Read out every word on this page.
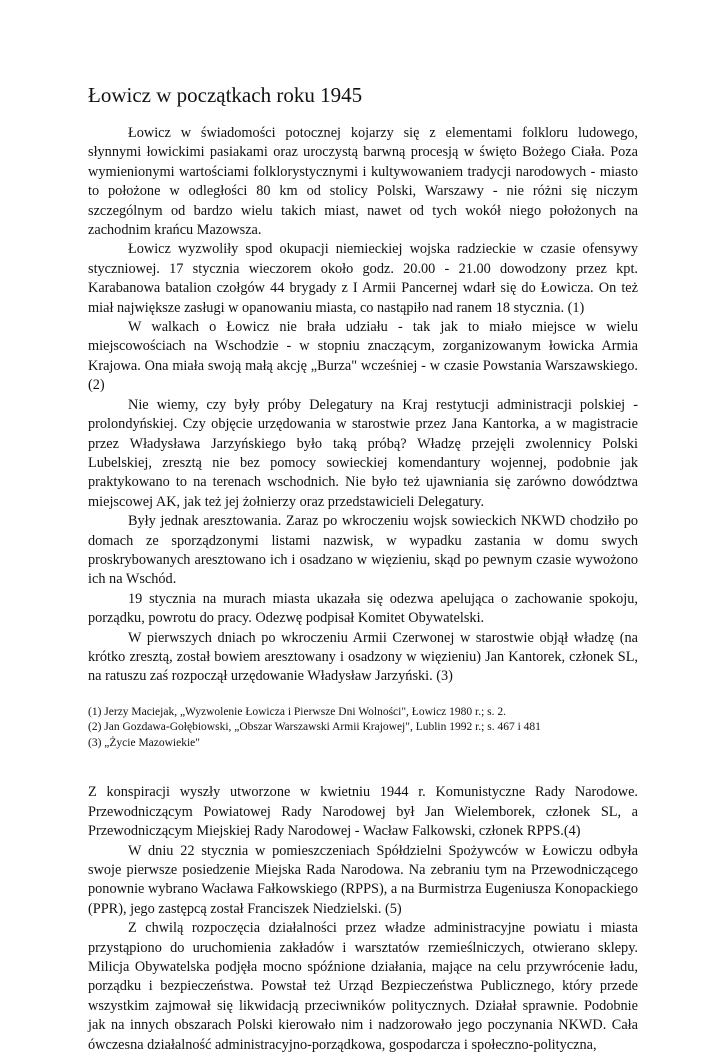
Łowicz w początkach roku 1945

Łowicz w świadomości potocznej kojarzy się z elementami folkloru ludowego, słynnymi łowickimi pasiakami oraz uroczystą barwną procesją w święto Bożego Ciała. Poza wymienionymi wartościami folklorystycznymi i kultywowaniem tradycji narodowych - miasto to położone w odległości 80 km od stolicy Polski, Warszawy - nie różni się niczym szczególnym od bardzo wielu takich miast, nawet od tych wokół niego położonych na zachodnim krańcu Mazowsza.

Łowicz wyzwoliły spod okupacji niemieckiej wojska radzieckie w czasie ofensywy styczniowej. 17 stycznia wieczorem około godz. 20.00 - 21.00 dowodzony przez kpt. Karabanowa batalion czołgów 44 brygady z I Armii Pancernej wdarł się do Łowicza. On też miał największe zasługi w opanowaniu miasta, co nastąpiło nad ranem 18 stycznia. (1)

W walkach o Łowicz nie brała udziału - tak jak to miało miejsce w wielu miejscowościach na Wschodzie - w stopniu znaczącym, zorganizowanym łowicka Armia Krajowa. Ona miała swoją małą akcję „Burza" wcześniej - w czasie Powstania Warszawskiego. (2)

Nie wiemy, czy były próby Delegatury na Kraj restytucji administracji polskiej - prolondyńskiej. Czy objęcie urzędowania w starostwie przez Jana Kantorka, a w magistracie przez Władysława Jarzyńskiego było taką próbą? Władzę przejęli zwolennicy Polski Lubelskiej, zresztą nie bez pomocy sowieckiej komendantury wojennej, podobnie jak praktykowano to na terenach wschodnich. Nie było też ujawniania się zarówno dowództwa miejscowej AK, jak też jej żołnierzy oraz przedstawicieli Delegatury.

Były jednak aresztowania. Zaraz po wkroczeniu wojsk sowieckich NKWD chodziło po domach ze sporządzonymi listami nazwisk, w wypadku zastania w domu swych proskrybowanych aresztowano ich i osadzano w więzieniu, skąd po pewnym czasie wywożono ich na Wschód.

19 stycznia na murach miasta ukazała się odezwa apelująca o zachowanie spokoju, porządku, powrotu do pracy. Odezwę podpisał Komitet Obywatelski.

W pierwszych dniach po wkroczeniu Armii Czerwonej w starostwie objął władzę (na krótko zresztą, został bowiem aresztowany i osadzony w więzieniu) Jan Kantorek, członek SL, na ratuszu zaś rozpoczął urzędowanie Władysław Jarzyński. (3)

(1) Jerzy Maciejak, „Wyzwolenie Łowicza i Pierwsze Dni Wolności", Łowicz 1980 r.; s. 2.

(2) Jan Gozdawa-Gołębiowski, „Obszar Warszawski Armii Krajowej", Lublin 1992 r.; s. 467 i 481

(3) „Życie Mazowiekie"

Z konspiracji wyszły utworzone w kwietniu 1944 r. Komunistyczne Rady Narodowe. Przewodniczącym Powiatowej Rady Narodowej był Jan Wielemborek, członek SL, a Przewodniczącym Miejskiej Rady Narodowej - Wacław Falkowski, członek RPPS.(4)

W dniu 22 stycznia w pomieszczeniach Spółdzielni Spożywców w Łowiczu odbyła swoje pierwsze posiedzenie Miejska Rada Narodowa. Na zebraniu tym na Przewodniczącego ponownie wybrano Wacława Fałkowskiego (RPPS), a na Burmistrza Eugeniusza Konopackiego (PPR), jego zastępcą został Franciszek Niedzielski. (5)

Z chwilą rozpoczęcia działalności przez władze administracyjne powiatu i miasta przystąpiono do uruchomienia zakładów i warsztatów rzemieślniczych, otwierano sklepy. Milicja Obywatelska podjęła mocno spóźnione działania, mające na celu przywrócenie ładu, porządku i bezpieczeństwa. Powstał też Urząd Bezpieczeństwa Publicznego, który przede wszystkim zajmował się likwidacją przeciwników politycznych. Działał sprawnie. Podobnie jak na innych obszarach Polski kierowało nim i nadzorowało jego poczynania NKWD. Cała ówczesna działalność administracyjno-porządkowa, gospodarcza i społeczno-polityczna,
